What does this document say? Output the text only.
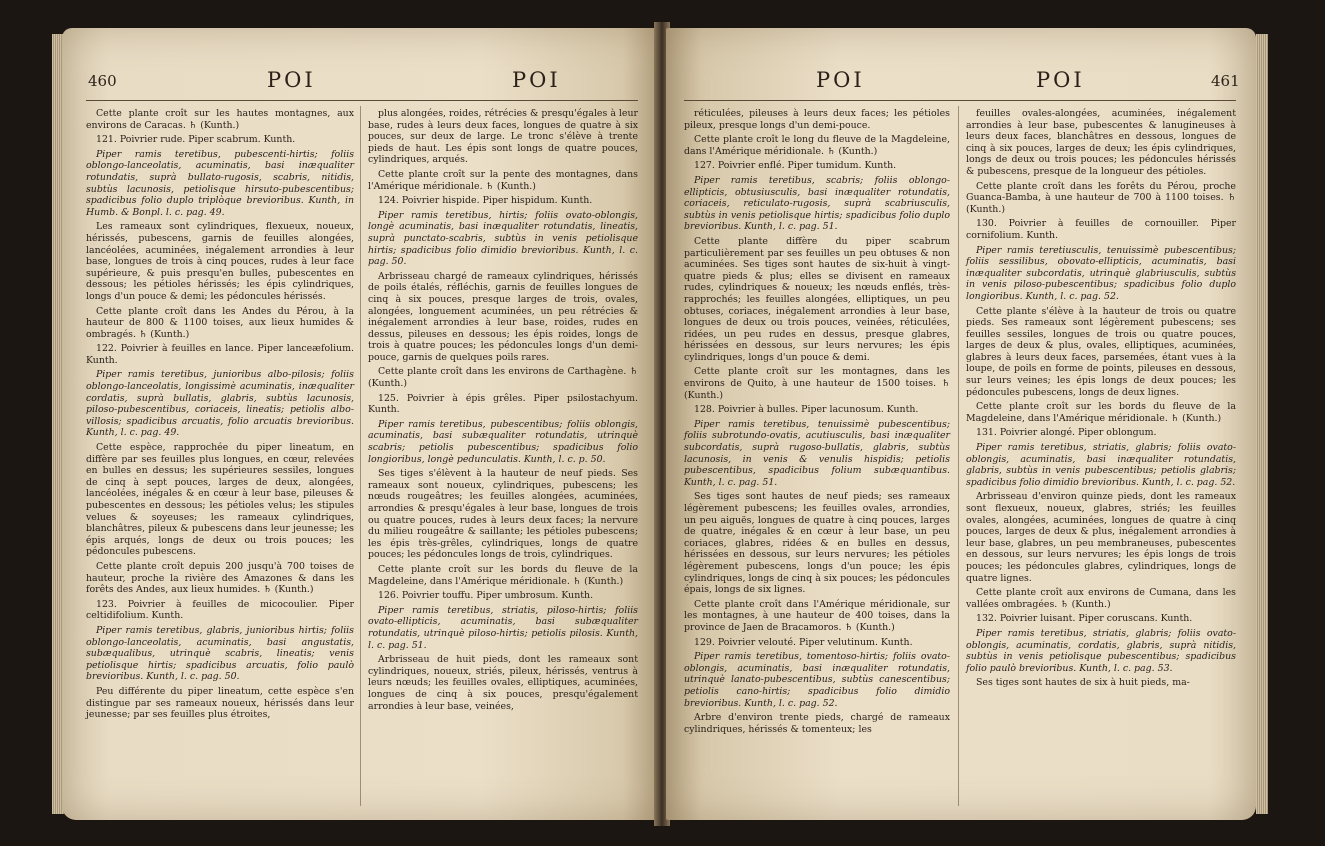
460	POI	POI

Cette plante croît sur les hautes montagnes, aux environs de Caracas. ♄ (Kunth.)

121. Poivrier rude. Piper scabrum. Kunth.

Piper ramis teretibus, pubescenti-hirtis; foliis oblongo-lanceolatis, acuminatis, basi inæqualiter rotundatis, suprà bullato-rugosis, scabris, nitidis, subtùs lacunosis, petiolisque hirsuto-pubescentibus; spadicibus folio duplo triplòque brevioribus. Kunth, in Humb. & Bonpl. l. c. pag. 49.

Les rameaux sont cylindriques, flexueux, noueux, hérissés, pubescens, garnis de feuilles alongées, lancéolées, acuminées, inégalement arrondies à leur base, longues de trois à cinq pouces, rudes à leur face supérieure, & puis presqu'en bulles, pubescentes en dessous; les pétioles hérissés; les épis cylindriques, longs d'un pouce & demi; les pédoncules hérissés.

Cette plante croît dans les Andes du Pérou, à la hauteur de 800 & 1100 toises, aux lieux humides & ombragés. ♄ (Kunth.)

122. Poivrier à feuilles en lance. Piper lanceæfolium. Kunth.

Piper ramis teretibus, junioribus albo-pilosis; foliis oblongo-lanceolatis, longissimè acuminatis, inæqualiter cordatis, suprà bullatis, glabris, subtùs lacunosis, piloso-pubescentibus, coriaceis, lineatis; petiolis albo-villosis; spadicibus arcuatis, folio arcuatis brevioribus. Kunth, l. c. pag. 49.

Cette espèce, rapprochée du piper lineatum, en diffère par ses feuilles plus longues, en cœur, relevées en bulles en dessus; les supérieures sessiles, longues de cinq à sept pouces, larges de deux, alongées, lancéolées, inégales & en cœur à leur base, pileuses & pubescentes en dessous; les pétioles velus; les stipules velues & soyeuses; les rameaux cylindriques, blanchâtres, pileux & pubescens dans leur jeunesse; les épis arqués, longs de deux ou trois pouces; les pédoncules pubescens.

Cette plante croît depuis 200 jusqu'à 700 toises de hauteur, proche la rivière des Amazones & dans les forêts des Andes, aux lieux humides. ♄ (Kunth.)

123. Poivrier à feuilles de micocoulier. Piper celtidifolium. Kunth.

Piper ramis teretibus, glabris, junioribus hirtis; foliis oblongo-lanceolatis, acuminatis, basi angustatis, subæqualibus, utrinquè scabris, lineatis; venis petiolisque hirtis; spadicibus arcuatis, folio paulò brevioribus. Kunth, l. c. pag. 50.

Peu différente du piper lineatum, cette espèce s'en distingue par ses rameaux noueux, hérissés dans leur jeunesse; par ses feuilles plus étroites,

plus alongées, roides, rétrécies & presqu'égales à leur base, rudes à leurs deux faces, longues de quatre à six pouces, sur deux de large. Le tronc s'élève à trente pieds de haut. Les épis sont longs de quatre pouces, cylindriques, arqués.

Cette plante croît sur la pente des montagnes, dans l'Amérique méridionale. ♄ (Kunth.)

124. Poivrier hispide. Piper hispidum. Kunth.

Piper ramis teretibus, hirtis; foliis ovato-oblongis, longè acuminatis, basi inæqualiter rotundatis, lineatis, suprà punctato-scabris, subtùs in venis petiolisque hirtis; spadicibus folio dimidio brevioribus. Kunth, l. c. pag. 50.

Arbrisseau chargé de rameaux cylindriques, hérissés de poils étalés, réfléchis, garnis de feuilles longues de cinq à six pouces, presque larges de trois, ovales, alongées, longuement acuminées, un peu rétrécies & inégalement arrondies à leur base, roides, rudes en dessus, pileuses en dessous; les épis roides, longs de trois à quatre pouces; les pédoncules longs d'un demi-pouce, garnis de quelques poils rares.

Cette plante croît dans les environs de Carthagène. ♄ (Kunth.)

125. Poivrier à épis grêles. Piper psilostachyum. Kunth.

Piper ramis teretibus, pubescentibus; foliis oblongis, acuminatis, basi subæqualiter rotundatis, utrinquè scabris; petiolis pubescentibus; spadicibus folio longioribus, longè pedunculatis. Kunth, l. c. p. 50.

Ses tiges s'élèvent à la hauteur de neuf pieds. Ses rameaux sont noueux, cylindriques, pubescens; les nœuds rougeâtres; les feuilles alongées, acuminées, arrondies & presqu'égales à leur base, longues de trois ou quatre pouces, rudes à leurs deux faces; la nervure du milieu rougeâtre & saillante; les pétioles pubescens; les épis très-grêles, cylindriques, longs de quatre pouces; les pédoncules longs de trois, cylindriques.

Cette plante croît sur les bords du fleuve de la Magdeleine, dans l'Amérique méridionale. ♄ (Kunth.)

126. Poivrier touffu. Piper umbrosum. Kunth.

Piper ramis teretibus, striatis, piloso-hirtis; foliis ovato-ellipticis, acuminatis, basi subæqualiter rotundatis, utrinquè piloso-hirtis; petiolis pilosis. Kunth, l. c. pag. 51.

Arbrisseau de huit pieds, dont les rameaux sont cylindriques, noueux, striés, pileux, hérissés, ventrus à leurs nœuds; les feuilles ovales, elliptiques, acuminées, longues de cinq à six pouces, presqu'également arrondies à leur base, veinées,

POI	POI	461

réticulées, pileuses à leurs deux faces; les pétioles pileux, presque longs d'un demi-pouce.

Cette plante croît le long du fleuve de la Magdeleine, dans l'Amérique méridionale. ♄ (Kunth.)

127. Poivrier enflé. Piper tumidum. Kunth.

Piper ramis teretibus, scabris; foliis oblongo-ellipticis, obtusiusculis, basi inæqualiter rotundatis, coriaceis, reticulato-rugosis, suprà scabriusculis, subtùs in venis petiolisque hirtis; spadicibus folio duplo brevioribus. Kunth, l. c. pag. 51.

Cette plante diffère du piper scabrum particulièrement par ses feuilles un peu obtuses & non acuminées. Ses tiges sont hautes de six-huit à vingt-quatre pieds & plus; elles se divisent en rameaux rudes, cylindriques & noueux; les nœuds enflés, très-rapprochés; les feuilles alongées, elliptiques, un peu obtuses, coriaces, inégalement arrondies à leur base, longues de deux ou trois pouces, veinées, réticulées, ridées, un peu rudes en dessus, presque glabres, hérissées en dessous, sur leurs nervures; les épis cylindriques, longs d'un pouce & demi.

Cette plante croît sur les montagnes, dans les environs de Quito, à une hauteur de 1500 toises. ♄ (Kunth.)

128. Poivrier à bulles. Piper lacunosum. Kunth.

Piper ramis teretibus, tenuissimè pubescentibus; foliis subrotundo-ovatis, acutiusculis, basi inæqualiter subcordatis, suprà rugoso-bullatis, glabris, subtùs lacunosis, in venis & venulis hispidis; petiolis pubescentibus, spadicibus folium subæquantibus. Kunth, l. c. pag. 51.

Ses tiges sont hautes de neuf pieds; ses rameaux légèrement pubescens; les feuilles ovales, arrondies, un peu aiguës, longues de quatre à cinq pouces, larges de quatre, inégales & en cœur à leur base, un peu coriaces, glabres, ridées & en bulles en dessus, hérissées en dessous, sur leurs nervures; les pétioles légèrement pubescens, longs d'un pouce; les épis cylindriques, longs de cinq à six pouces; les pédoncules épais, longs de six lignes.

Cette plante croît dans l'Amérique méridionale, sur les montagnes, à une hauteur de 400 toises, dans la province de Jaen de Bracamoros. ♄ (Kunth.)

129. Poivrier velouté. Piper velutinum. Kunth.

Piper ramis teretibus, tomentoso-hirtis; foliis ovato-oblongis, acuminatis, basi inæqualiter rotundatis, utrinquè lanato-pubescentibus, subtùs canescentibus; petiolis cano-hirtis; spadicibus folio dimidio brevioribus. Kunth, l. c. pag. 52.

Arbre d'environ trente pieds, chargé de rameaux cylindriques, hérissés & tomenteux; les

feuilles ovales-alongées, acuminées, inégalement arrondies à leur base, pubescentes & lanugineuses à leurs deux faces, blanchâtres en dessous, longues de cinq à six pouces, larges de deux; les épis cylindriques, longs de deux ou trois pouces; les pédoncules hérissés & pubescens, presque de la longueur des pétioles.

Cette plante croît dans les forêts du Pérou, proche Guanca-Bamba, à une hauteur de 700 à 1100 toises. ♄ (Kunth.)

130. Poivrier à feuilles de cornouiller. Piper cornifolium. Kunth.

Piper ramis teretiusculis, tenuissimè pubescentibus; foliis sessilibus, obovato-ellipticis, acuminatis, basi inæqualiter subcordatis, utrinquè glabriusculis, subtùs in venis piloso-pubescentibus; spadicibus folio duplo longioribus. Kunth, l. c. pag. 52.

Cette plante s'élève à la hauteur de trois ou quatre pieds. Ses rameaux sont légèrement pubescens; ses feuilles sessiles, longues de trois ou quatre pouces, larges de deux & plus, ovales, elliptiques, acuminées, glabres à leurs deux faces, parsemées, étant vues à la loupe, de poils en forme de points, pileuses en dessous, sur leurs veines; les épis longs de deux pouces; les pédoncules pubescens, longs de deux lignes.

Cette plante croît sur les bords du fleuve de la Magdeleine, dans l'Amérique méridionale. ♄ (Kunth.)

131. Poivrier alongé. Piper oblongum.

Piper ramis teretibus, striatis, glabris; foliis ovato-oblongis, acuminatis, basi inæqualiter rotundatis, glabris, subtùs in venis pubescentibus; petiolis glabris; spadicibus folio dimidio brevioribus. Kunth, l. c. pag. 52.

Arbrisseau d'environ quinze pieds, dont les rameaux sont flexueux, noueux, glabres, striés; les feuilles ovales, alongées, acuminées, longues de quatre à cinq pouces, larges de deux & plus, inégalement arrondies à leur base, glabres, un peu membraneuses, pubescentes en dessous, sur leurs nervures; les épis longs de trois pouces; les pédoncules glabres, cylindriques, longs de quatre lignes.

Cette plante croît aux environs de Cumana, dans les vallées ombragées. ♄ (Kunth.)

132. Poivrier luisant. Piper coruscans. Kunth.

Piper ramis teretibus, striatis, glabris; foliis ovato-oblongis, acuminatis, cordatis, glabris, suprà nitidis, subtùs in venis petiolisque pubescentibus; spadicibus folio paulò brevioribus. Kunth, l. c. pag. 53.

Ses tiges sont hautes de six à huit pieds, ma-
